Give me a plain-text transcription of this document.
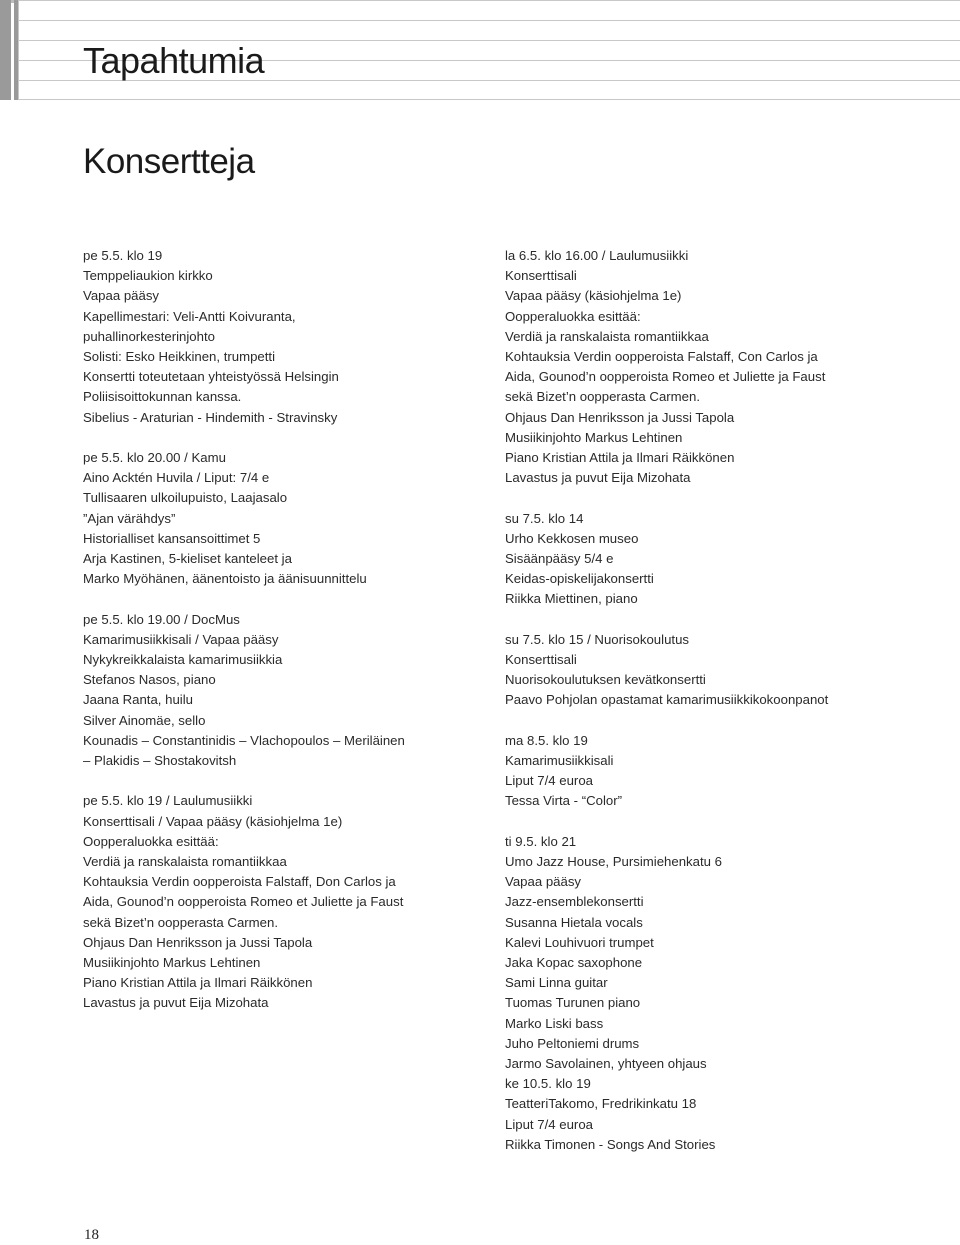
Tapahtumia
Konsertteja
pe 5.5. klo 19
Temppeliaukion kirkko
Vapaa pääsy
Kapellimestari: Veli-Antti Koivuranta,
puhallinorkesterinjohto
Solisti: Esko Heikkinen, trumpetti
Konsertti toteutetaan yhteistyössä Helsingin
Poliisisoittokunnan kanssa.
Sibelius - Araturian - Hindemith - Stravinsky
pe 5.5. klo 20.00 / Kamu
Aino Acktén Huvila / Liput: 7/4 e
Tullisaaren ulkoilupuisto, Laajasalo
”Ajan värähdys”
Historialliset kansansoittimet 5
Arja Kastinen, 5-kieliset kanteleet ja
Marko Myöhänen, äänentoisto ja äänisuunnittelu
pe 5.5. klo 19.00 / DocMus
Kamarimusiikkisali / Vapaa pääsy
Nykykreikkalaista kamarimusiikkia
Stefanos Nasos, piano
Jaana Ranta, huilu
Silver Ainomäe, sello
Kounadis – Constantinidis – Vlachopoulos – Meriläinen
– Plakidis – Shostakovitsh
pe 5.5. klo 19 / Laulumusiikki
Konserttisali / Vapaa pääsy (käsiohjelma 1e)
Oopperaluokka esittää:
Verdiä ja ranskalaista romantiikkaa
Kohtauksia Verdin oopperoista Falstaff, Don Carlos ja
Aida, Gounod’n oopperoista Romeo et Juliette ja Faust
sekä Bizet’n oopperasta Carmen.
Ohjaus Dan Henriksson ja Jussi Tapola
Musiikinjohto Markus Lehtinen
Piano Kristian Attila ja Ilmari Räikkönen
Lavastus ja puvut Eija Mizohata
la 6.5. klo 16.00 / Laulumusiikki
Konserttisali
Vapaa pääsy (käsiohjelma 1e)
Oopperaluokka esittää:
Verdiä ja ranskalaista romantiikkaa
Kohtauksia Verdin oopperoista Falstaff, Con Carlos ja
Aida, Gounod’n oopperoista Romeo et Juliette ja Faust
sekä Bizet’n oopperasta Carmen.
Ohjaus Dan Henriksson ja Jussi Tapola
Musiikinjohto Markus Lehtinen
Piano Kristian Attila ja Ilmari Räikkönen
Lavastus ja puvut Eija Mizohata
su 7.5. klo 14
Urho Kekkosen museo
Sisäänpääsy 5/4 e
Keidas-opiskelijakonsertti
Riikka Miettinen, piano
su 7.5. klo 15 / Nuorisokoulutus
Konserttisali
Nuorisokoulutuksen kevätkonsertti
Paavo Pohjolan opastamat kamarimusiikkikokoonpanot
ma 8.5. klo 19
Kamarimusiikkisali
Liput 7/4 euroa
Tessa Virta - “Color”
ti 9.5. klo 21
Umo Jazz House, Pursimiehenkatu 6
Vapaa pääsy
Jazz-ensemblekonsertti
Susanna Hietala vocals
Kalevi Louhivuori trumpet
Jaka Kopac saxophone
Sami Linna guitar
Tuomas Turunen piano
Marko Liski bass
Juho Peltoniemi drums
Jarmo Savolainen, yhtyeen ohjaus
ke 10.5. klo 19
TeatteriTakomo, Fredrikinkatu 18
Liput 7/4 euroa
Riikka Timonen - Songs And Stories
18
